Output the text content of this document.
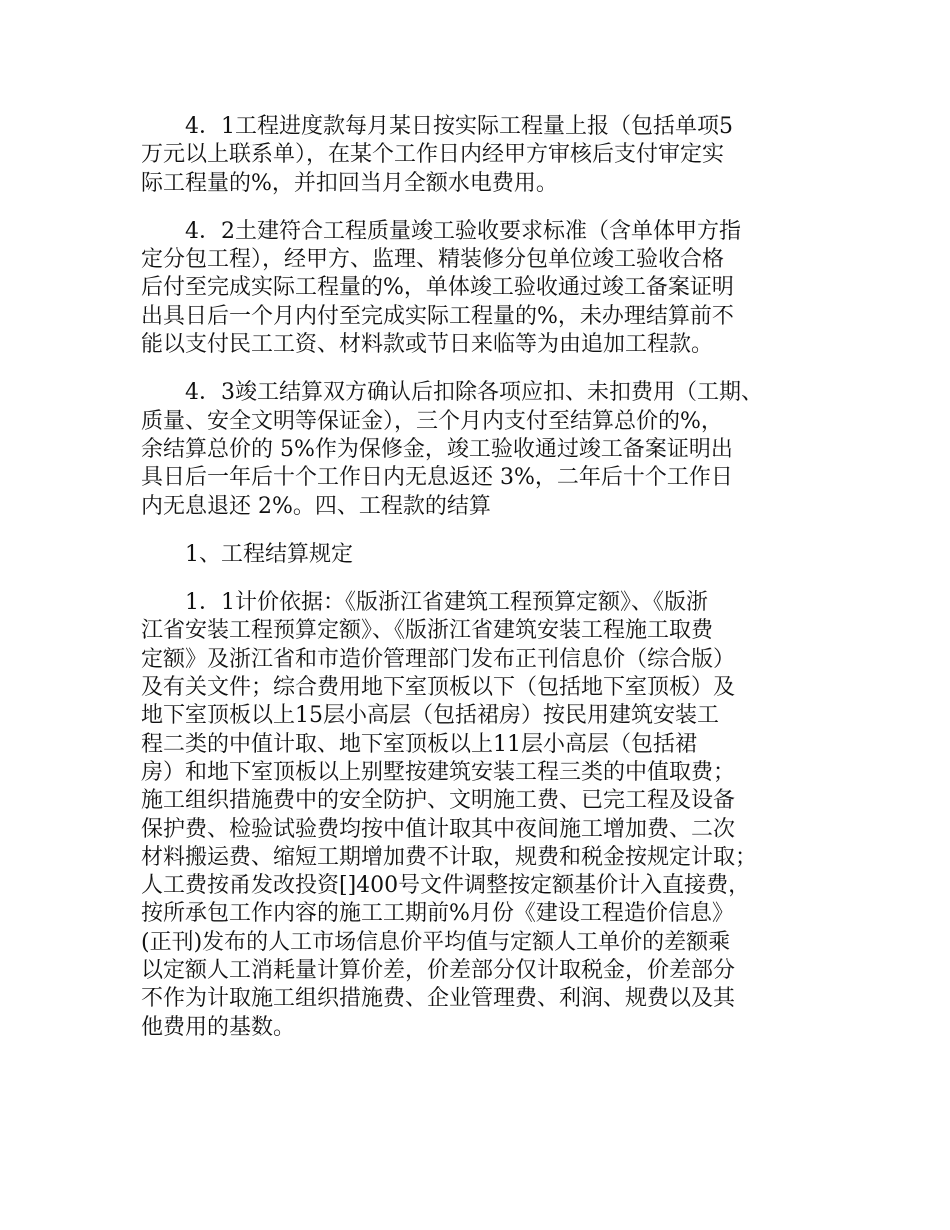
4．1工程进度款每月某日按实际工程量上报（包括单项5
万元以上联系单），在某个工作日内经甲方审核后支付审定实
际工程量的%，并扣回当月全额水电费用。
4．2土建符合工程质量竣工验收要求标准（含单体甲方指
定分包工程），经甲方、监理、精装修分包单位竣工验收合格
后付至完成实际工程量的%，单体竣工验收通过竣工备案证明
出具日后一个月内付至完成实际工程量的%，未办理结算前不
能以支付民工工资、材料款或节日来临等为由追加工程款。
4．3竣工结算双方确认后扣除各项应扣、未扣费用（工期、
质量、安全文明等保证金），三个月内支付至结算总价的%，
余结算总价的 5%作为保修金，竣工验收通过竣工备案证明出
具日后一年后十个工作日内无息返还 3%，二年后十个工作日
内无息退还 2%。四、工程款的结算
1、工程结算规定
1．1计价依据：《版浙江省建筑工程预算定额》、《版浙
江省安装工程预算定额》、《版浙江省建筑安装工程施工取费
定额》及浙江省和市造价管理部门发布正刊信息价（综合版）
及有关文件；综合费用地下室顶板以下（包括地下室顶板）及
地下室顶板以上15层小高层（包括裙房）按民用建筑安装工
程二类的中值计取、地下室顶板以上11层小高层（包括裙
房）和地下室顶板以上别墅按建筑安装工程三类的中值取费；
施工组织措施费中的安全防护、文明施工费、已完工程及设备
保护费、检验试验费均按中值计取其中夜间施工增加费、二次
材料搬运费、缩短工期增加费不计取，规费和税金按规定计取；
人工费按甬发改投资[]400号文件调整按定额基价计入直接费，
按所承包工作内容的施工工期前%月份《建设工程造价信息》
(正刊)发布的人工市场信息价平均值与定额人工单价的差额乘
以定额人工消耗量计算价差，价差部分仅计取税金，价差部分
不作为计取施工组织措施费、企业管理费、利润、规费以及其
他费用的基数。
